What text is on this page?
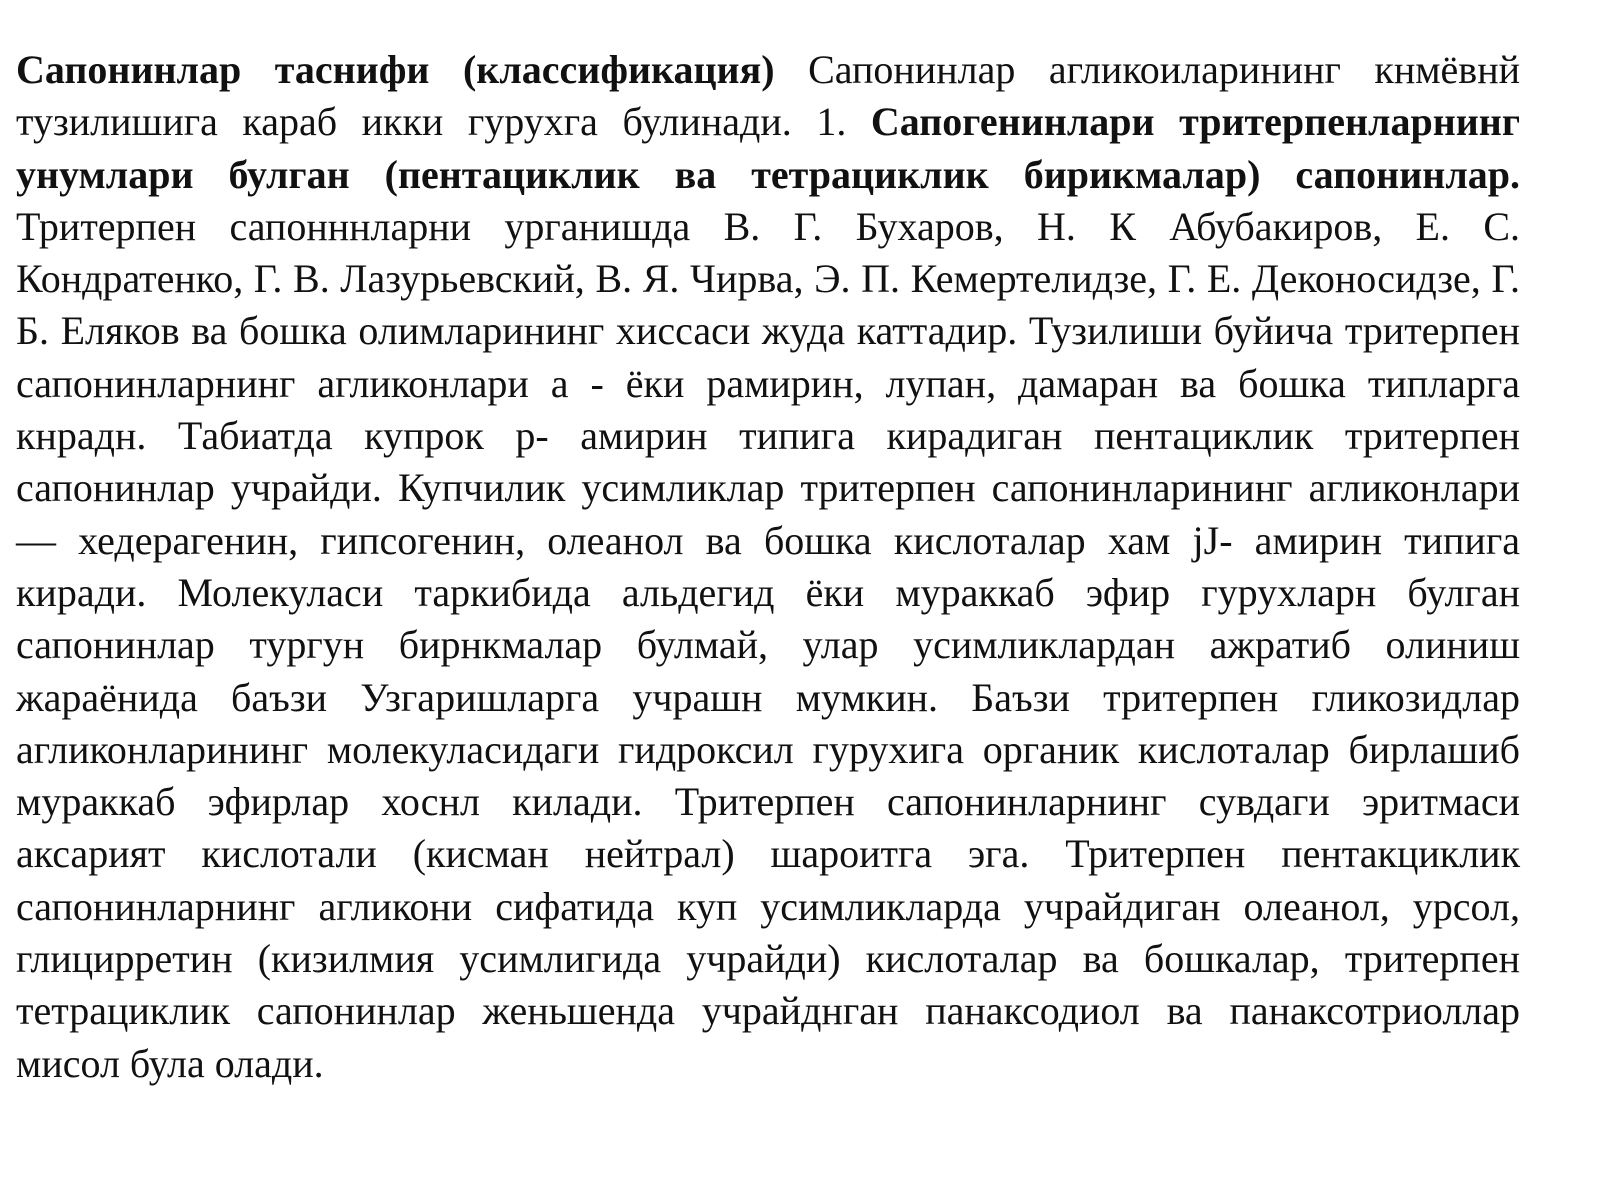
Сапонинлар таснифи (классификация) Сапонинлар агликоиларининг кнмёвнй тузилишига караб икки гурухга булинади. 1. Сапогенинлари тритерпенларнинг унумлари булган (пентациклик ва тетрациклик бирикмалар) сапонинлар. Тритерпен сапонннларни урганишда В. Г. Бухаров, Н. К Абубакиров, Е. С. Кондратенко, Г. В. Лазурьевский, В. Я. Чирва, Э. П. Кемертелидзе, Г. Е. Деконосидзе, Г. Б. Еляков ва бошка олимларининг хиссаси жуда каттадир. Тузилиши буйича тритерпен сапонинларнинг агликонлари а - ёки рамирин, лупан, дамаран ва бошка типларга кнрадн. Табиатда купрок р- амирин типига кирадиган пентациклик тритерпен сапонинлар учрайди. Купчилик усимликлар тритерпен сапонинларининг агликонлари — хедерагенин, гипсогенин, олеанол ва бошка кислоталар хам jJ- амирин типига киради. Молекуласи таркибида альдегид ёки мураккаб эфир гурухларн булган сапонинлар тургун бирнкмалар булмай, улар усимликлардан ажратиб олиниш жараёнида баъзи Узгаришларга учрашн мумкин. Баъзи тритерпен гликозидлар агликонларининг молекуласидаги гидроксил гурухига органик кислоталар бирлашиб мураккаб эфирлар хоснл килади. Тритерпен сапонинларнинг сувдаги эритмаси аксарият кислотали (кисман нейтрал) шароитга эга. Тритерпен пентакциклик сапонинларнинг агликони сифатида куп усимликларда учрайдиган олеанол, урсол, глицирретин (кизилмия усимлигида учрайди) кислоталар ва бошкалар, тритерпен тетрациклик сапонинлар женьшенда учрайднган панаксодиол ва панаксотриоллар мисол була олади.
